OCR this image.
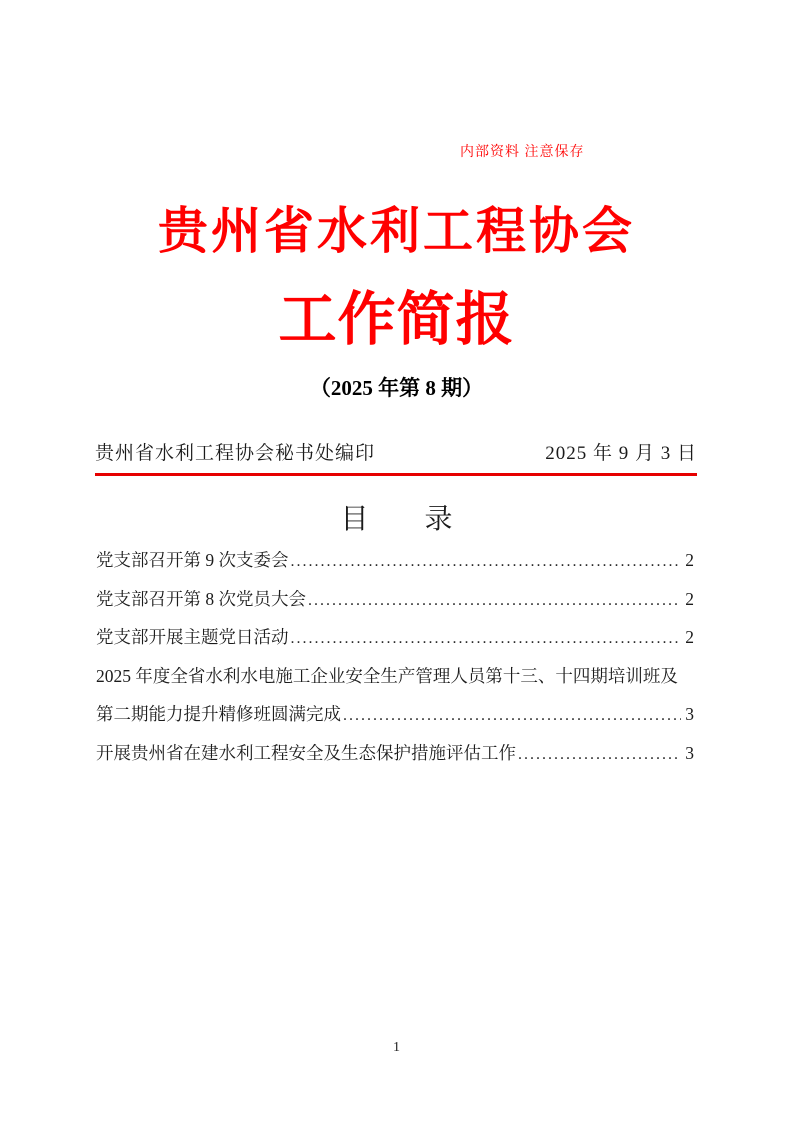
内部资料 注意保存
贵州省水利工程协会
工作简报
（2025 年第 8 期）
贵州省水利工程协会秘书处编印	2025 年 9 月 3 日
目　　录
党支部召开第 9 次支委会 .....	2
党支部召开第 8 次党员大会 .....	2
党支部开展主题党日活动 .....	2
2025 年度全省水利水电施工企业安全生产管理人员第十三、十四期培训班及
第二期能力提升精修班圆满完成 .....	3
开展贵州省在建水利工程安全及生态保护措施评估工作 .....	3
1
